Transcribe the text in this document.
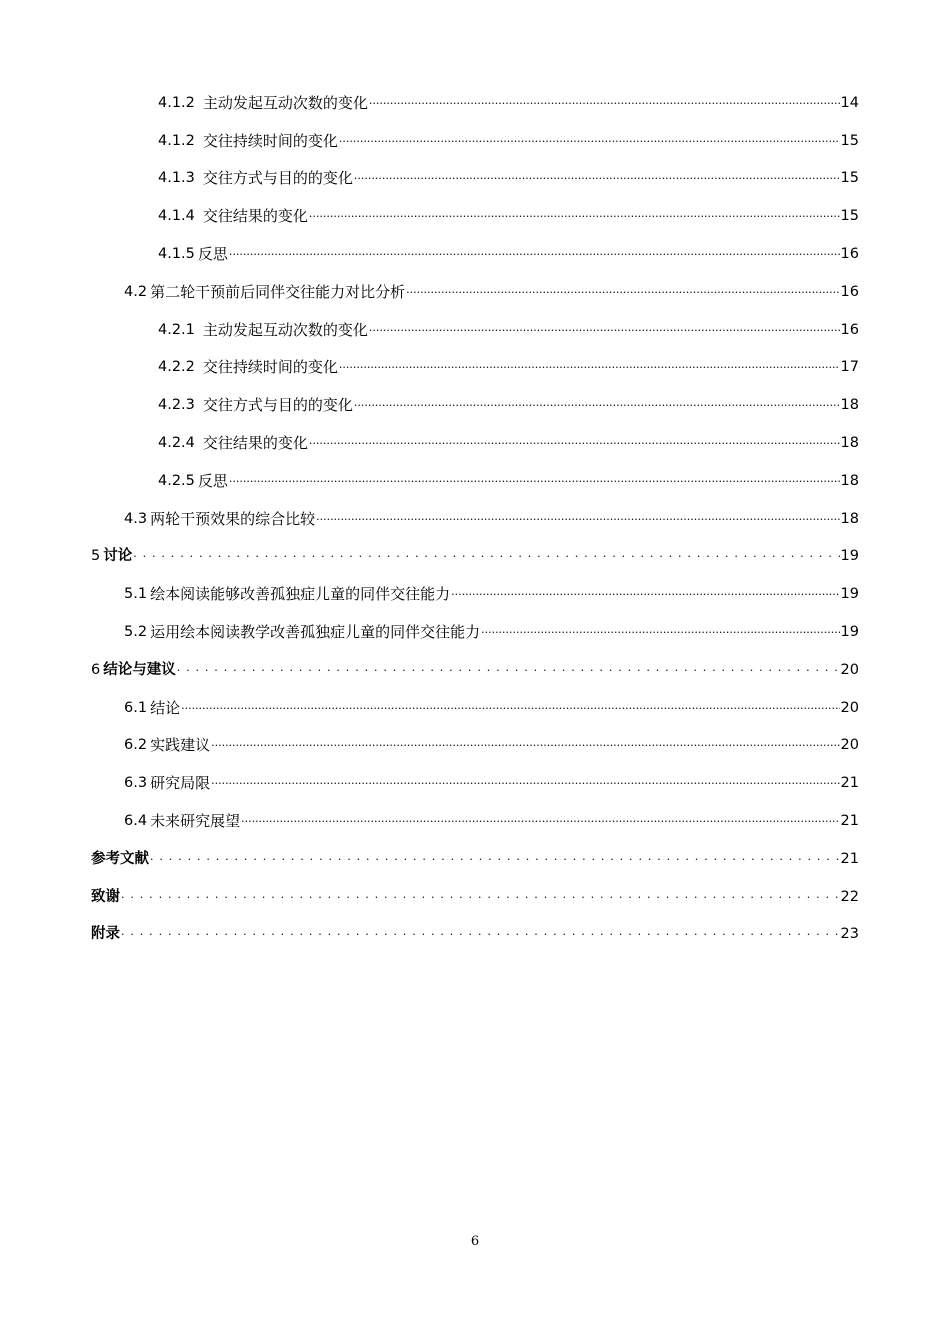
4.1.2 主动发起互动次数的变化 .....	14
4.1.2 交往持续时间的变化 .....	15
4.1.3 交往方式与目的的变化 .....	15
4.1.4 交往结果的变化 .....	15
4.1.5 反思 .....	16
4.2 第二轮干预前后同伴交往能力对比分析 .....	16
4.2.1 主动发起互动次数的变化 .....	16
4.2.2 交往持续时间的变化 .....	17
4.2.3 交往方式与目的的变化 .....	18
4.2.4 交往结果的变化 .....	18
4.2.5 反思 .....	18
4.3 两轮干预效果的综合比较 .....	18
5 讨论 . . .	19
5.1 绘本阅读能够改善孤独症儿童的同伴交往能力 .....	19
5.2 运用绘本阅读教学改善孤独症儿童的同伴交往能力 .....	19
6 结论与建议 . . .	20
6.1 结论 .....	20
6.2 实践建议 .....	20
6.3 研究局限 .....	21
6.4 未来研究展望 .....	21
参考文献 . . .	21
致谢 . . .	22
附录 . . .	23
6
